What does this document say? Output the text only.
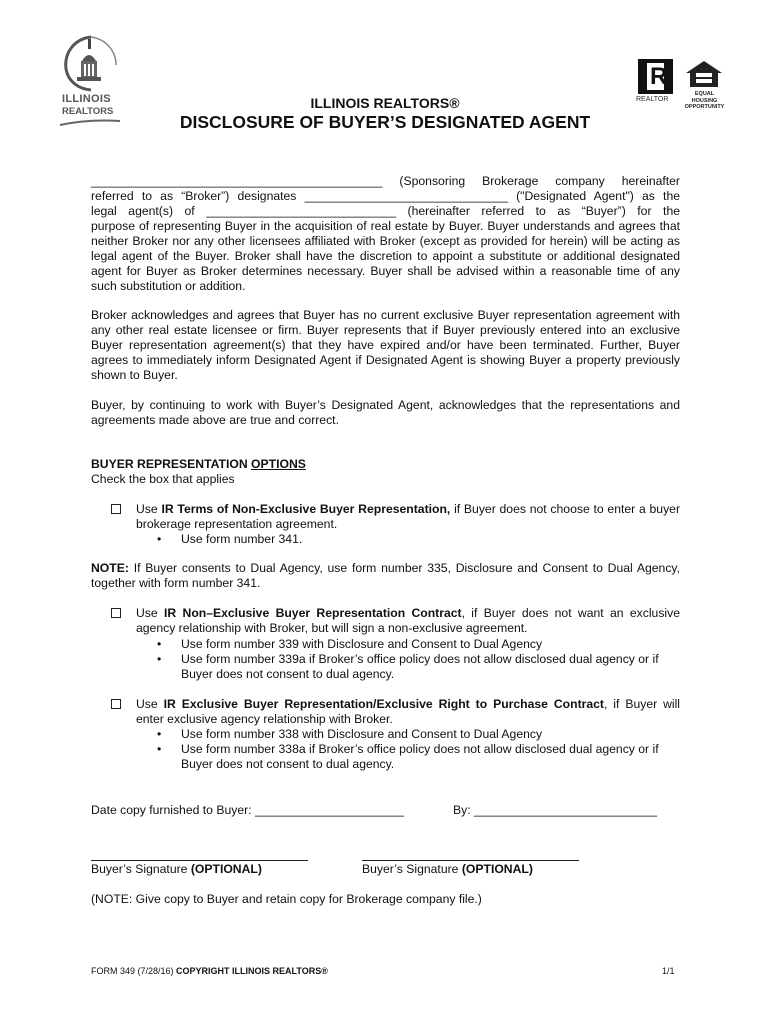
ILLINOIS
REALTORS
R
REALTOR
EQUAL HOUSING OPPORTUNITY
ILLINOIS REALTORS®
DISCLOSURE OF BUYER’S DESIGNATED AGENT
___________________________________________ (Sponsoring Brokerage company hereinafter
referred to as “Broker”) designates ______________________________ ("Designated Agent") as the
legal agent(s) of ____________________________ (hereinafter referred to as “Buyer”) for the
purpose of representing Buyer in the acquisition of real estate by Buyer. Buyer understands and agrees that neither Broker nor any other licensees affiliated with Broker (except as provided for herein) will be acting as legal agent of the Buyer. Broker shall have the discretion to appoint a substitute or additional designated agent for Buyer as Broker determines necessary. Buyer shall be advised within a reasonable time of any such substitution or addition.

Broker acknowledges and agrees that Buyer has no current exclusive Buyer representation agreement with any other real estate licensee or firm. Buyer represents that if Buyer previously entered into an exclusive Buyer representation agreement(s) that they have expired and/or have been terminated. Further, Buyer agrees to immediately inform Designated Agent if Designated Agent is showing Buyer a property previously shown to Buyer.

Buyer, by continuing to work with Buyer’s Designated Agent, acknowledges that the representations and agreements made above are true and correct.

BUYER REPRESENTATION OPTIONS
Check the box that applies
Use IR Terms of Non-Exclusive Buyer Representation, if Buyer does not choose to enter a buyer brokerage representation agreement.
• Use form number 341.
NOTE: If Buyer consents to Dual Agency, use form number 335, Disclosure and Consent to Dual Agency, together with form number 341.
Use IR Non–Exclusive Buyer Representation Contract, if Buyer does not want an exclusive agency relationship with Broker, but will sign a non-exclusive agreement.
• Use form number 339 with Disclosure and Consent to Dual Agency
• Use form number 339a if Broker’s office policy does not allow disclosed dual agency or if Buyer does not consent to dual agency.
Use IR Exclusive Buyer Representation/Exclusive Right to Purchase Contract, if Buyer will enter exclusive agency relationship with Broker.
• Use form number 338 with Disclosure and Consent to Dual Agency
• Use form number 338a if Broker’s office policy does not allow disclosed dual agency or if Buyer does not consent to dual agency.
Date copy furnished to Buyer: ______________________	By: ___________________________
Buyer’s Signature (OPTIONAL)	Buyer’s Signature (OPTIONAL)
(NOTE: Give copy to Buyer and retain copy for Brokerage company file.)
FORM 349 (7/28/16) COPYRIGHT ILLINOIS REALTORS®	1/1
